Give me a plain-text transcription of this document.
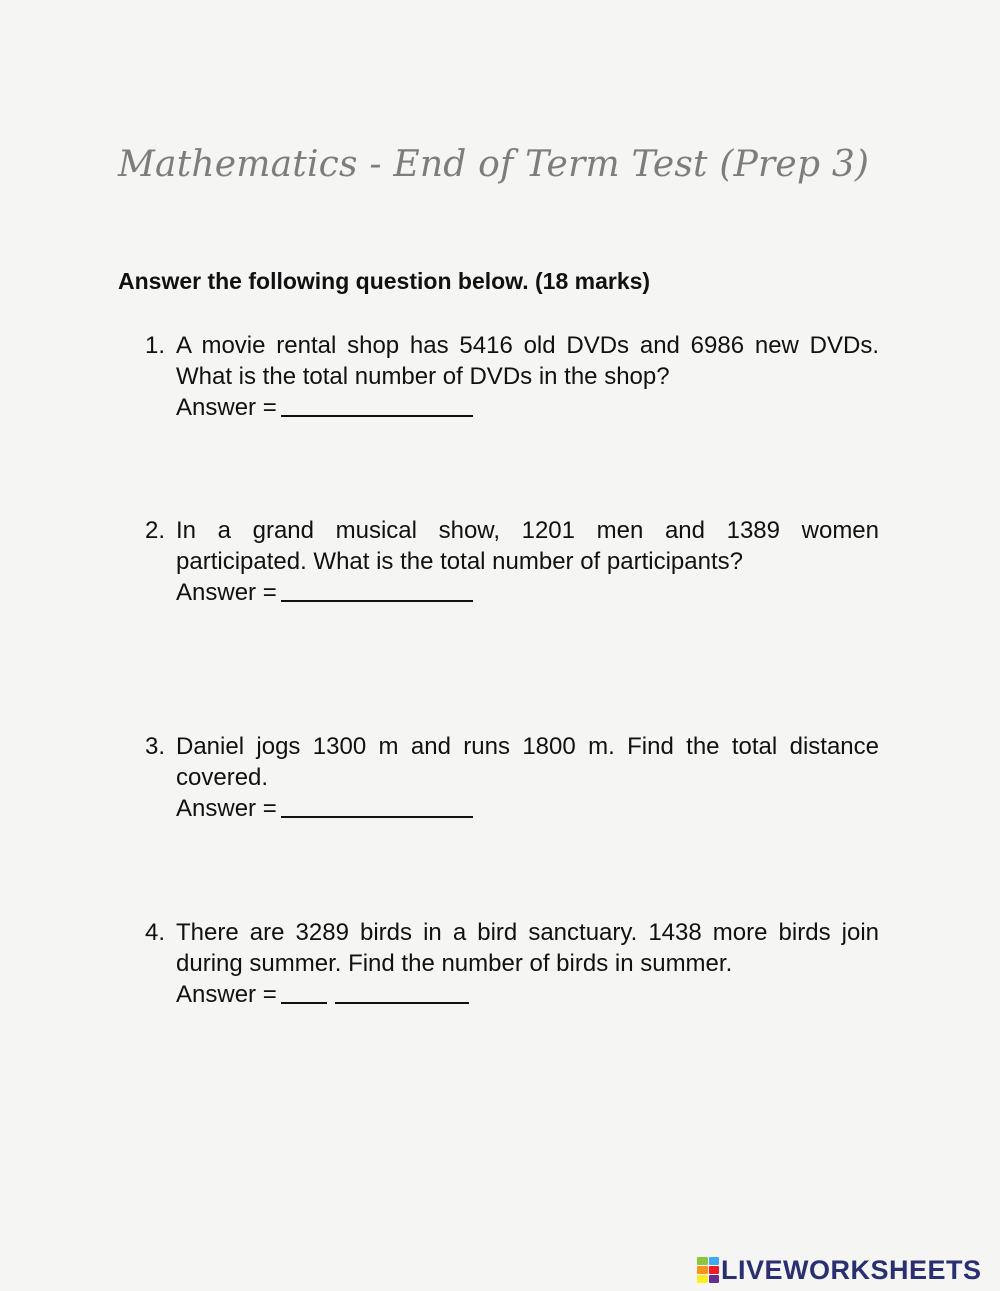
Mathematics - End of Term Test (Prep 3)
Answer the following question below. (18 marks)
1. A movie rental shop has 5416 old DVDs and 6986 new DVDs. What is the total number of DVDs in the shop?
Answer =
2. In a grand musical show, 1201 men and 1389 women participated. What is the total number of participants?
Answer =
3. Daniel jogs 1300 m and runs 1800 m. Find the total distance covered.
Answer =
4. There are 3289 birds in a bird sanctuary. 1438 more birds join during summer. Find the number of birds in summer.
Answer =
LIVEWORKSHEETS
